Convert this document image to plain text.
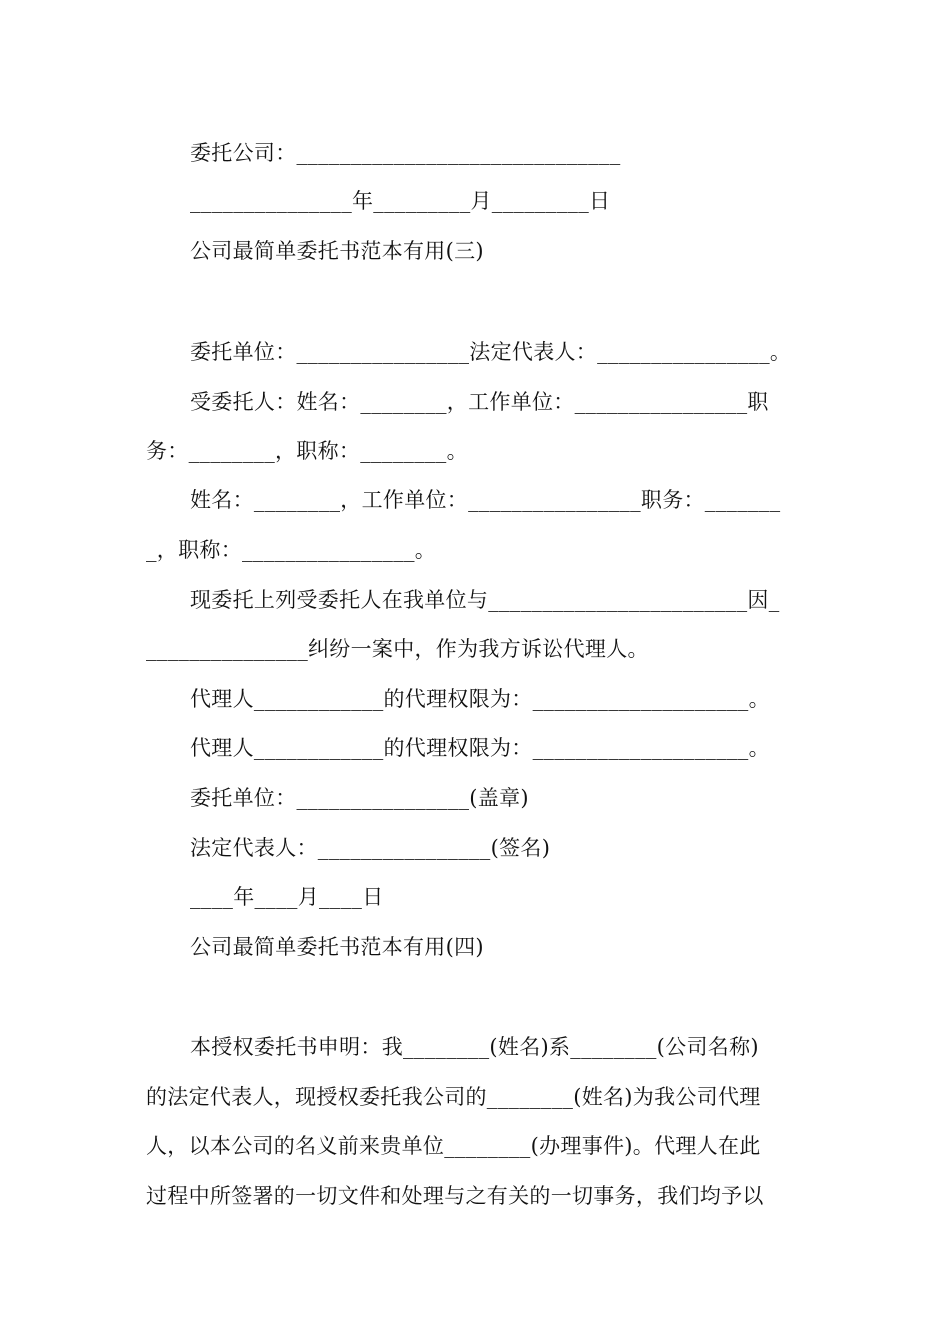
委托公司：______________________________
_______________年_________月_________日
公司最简单委托书范本有用(三)
委托单位：________________法定代表人：________________。
受委托人：姓名：________，工作单位：________________职
务：________，职称：________。
姓名：________，工作单位：________________职务：_______
_，职称：________________。
现委托上列受委托人在我单位与________________________因_
_______________纠纷一案中，作为我方诉讼代理人。
代理人____________的代理权限为：____________________。
代理人____________的代理权限为：____________________。
委托单位：________________(盖章)
法定代表人：________________(签名)
____年____月____日
公司最简单委托书范本有用(四)
本授权委托书申明：我________(姓名)系________(公司名称)
的法定代表人，现授权委托我公司的________(姓名)为我公司代理
人，以本公司的名义前来贵单位________(办理事件)。代理人在此
过程中所签署的一切文件和处理与之有关的一切事务，我们均予以
